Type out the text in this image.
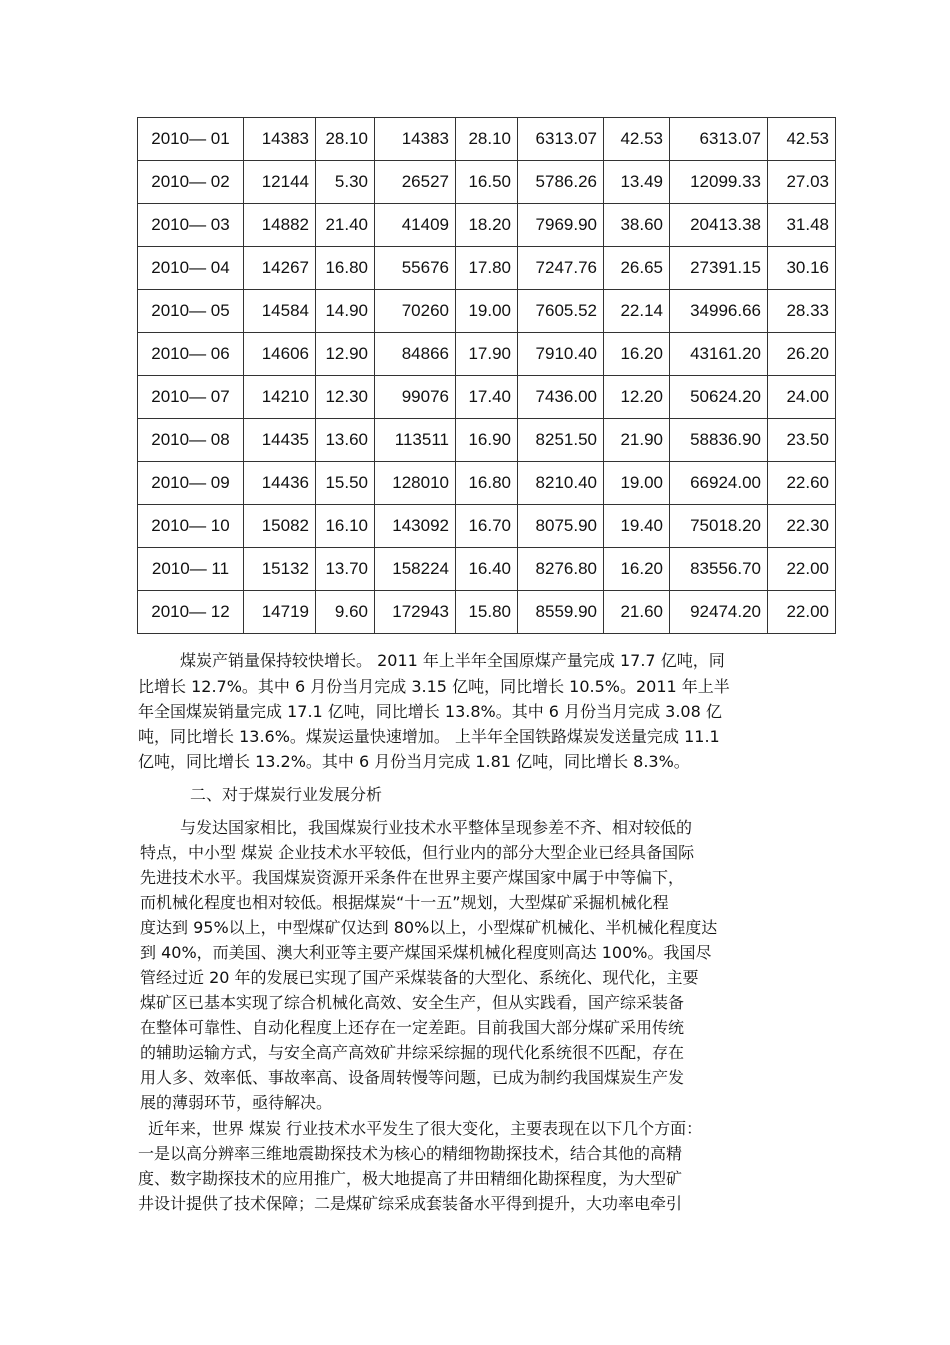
2010— 01	14383	28.10	14383	28.10	6313.07	42.53	6313.07	42.53
2010— 02	12144	5.30	26527	16.50	5786.26	13.49	12099.33	27.03
2010— 03	14882	21.40	41409	18.20	7969.90	38.60	20413.38	31.48
2010— 04	14267	16.80	55676	17.80	7247.76	26.65	27391.15	30.16
2010— 05	14584	14.90	70260	19.00	7605.52	22.14	34996.66	28.33
2010— 06	14606	12.90	84866	17.90	7910.40	16.20	43161.20	26.20
2010— 07	14210	12.30	99076	17.40	7436.00	12.20	50624.20	24.00
2010— 08	14435	13.60	113511	16.90	8251.50	21.90	58836.90	23.50
2010— 09	14436	15.50	128010	16.80	8210.40	19.00	66924.00	22.60
2010— 10	15082	16.10	143092	16.70	8075.90	19.40	75018.20	22.30
2010— 11	15132	13.70	158224	16.40	8276.80	16.20	83556.70	22.00
2010— 12	14719	9.60	172943	15.80	8559.90	21.60	92474.20	22.00
煤炭产销量保持较快增长。 2011 年上半年全国原煤产量完成 17.7 亿吨，同
比增长 12.7%。其中 6 月份当月完成 3.15 亿吨，同比增长 10.5%。2011 年上半
年全国煤炭销量完成 17.1 亿吨，同比增长 13.8%。其中 6 月份当月完成 3.08 亿
吨，同比增长 13.6%。煤炭运量快速增加。 上半年全国铁路煤炭发送量完成 11.1
亿吨，同比增长 13.2%。其中 6 月份当月完成 1.81 亿吨，同比增长 8.3%。
二、对于煤炭行业发展分析
与发达国家相比，我国煤炭行业技术水平整体呈现参差不齐、相对较低的
特点，中小型 煤炭 企业技术水平较低，但行业内的部分大型企业已经具备国际
先进技术水平。我国煤炭资源开采条件在世界主要产煤国家中属于中等偏下，
而机械化程度也相对较低。根据煤炭“十一五”规划，大型煤矿采掘机械化程
度达到 95%以上，中型煤矿仅达到 80%以上，小型煤矿机械化、半机械化程度达
到 40%，而美国、澳大利亚等主要产煤国采煤机械化程度则高达 100%。我国尽
管经过近 20 年的发展已实现了国产采煤装备的大型化、系统化、现代化，主要
煤矿区已基本实现了综合机械化高效、安全生产，但从实践看，国产综采装备
在整体可靠性、自动化程度上还存在一定差距。目前我国大部分煤矿采用传统
的辅助运输方式，与安全高产高效矿井综采综掘的现代化系统很不匹配，存在
用人多、效率低、事故率高、设备周转慢等问题，已成为制约我国煤炭生产发
展的薄弱环节，亟待解决。
近年来，世界 煤炭 行业技术水平发生了很大变化，主要表现在以下几个方面：
一是以高分辨率三维地震勘探技术为核心的精细物勘探技术，结合其他的高精
度、数字勘探技术的应用推广，极大地提高了井田精细化勘探程度，为大型矿
井设计提供了技术保障；二是煤矿综采成套装备水平得到提升，大功率电牵引
